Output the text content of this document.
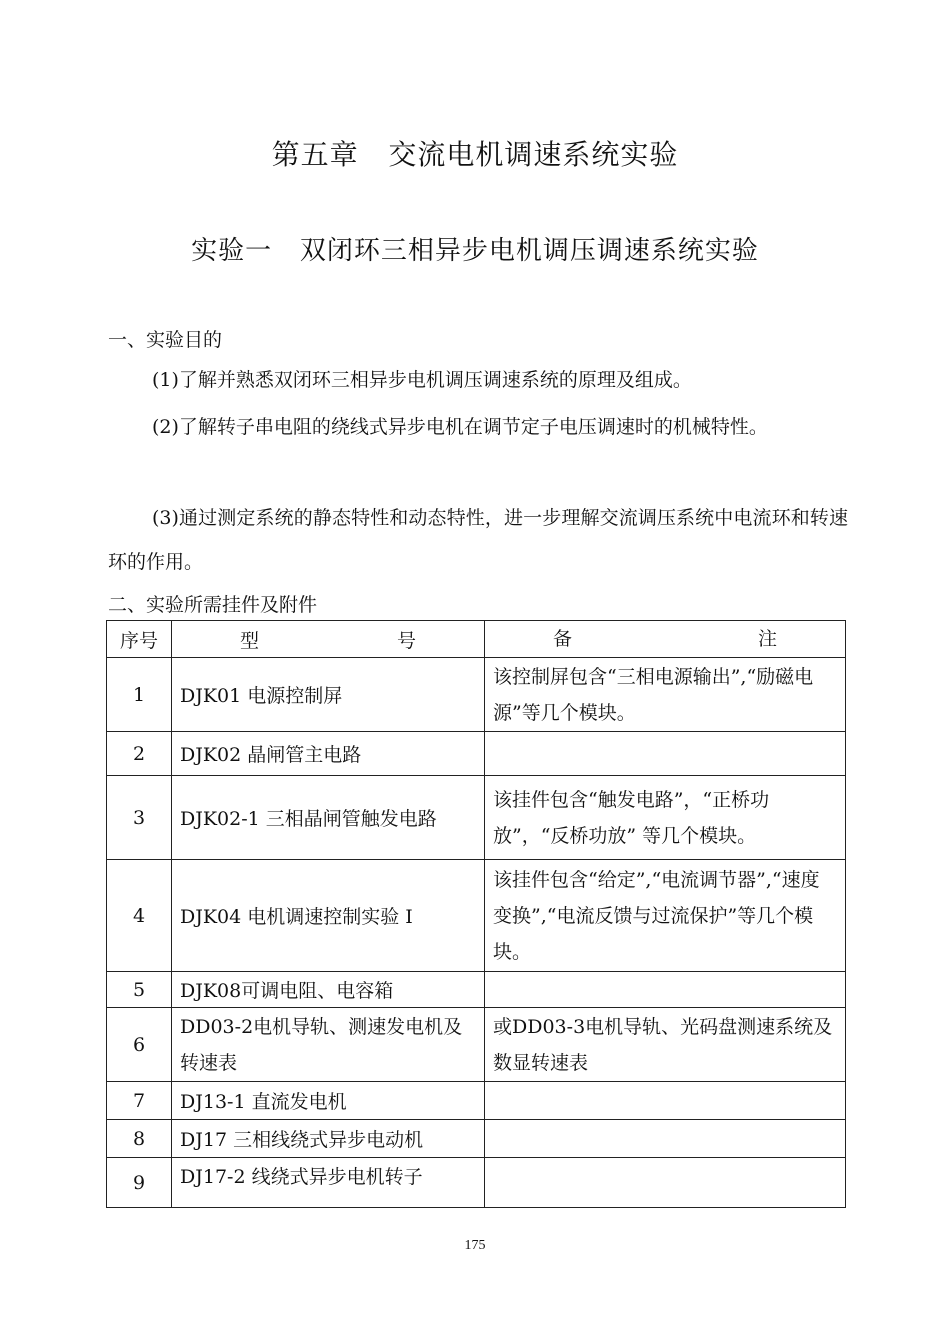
第五章   交流电机调速系统实验
实验一   双闭环三相异步电机调压调速系统实验
一、实验目的
(1)了解并熟悉双闭环三相异步电机调压调速系统的原理及组成。
(2)了解转子串电阻的绕线式异步电机在调节定子电压调速时的机械特性。
(3)通过测定系统的静态特性和动态特性，进一步理解交流调压系统中电流环和转速环的作用。
二、实验所需挂件及附件
序号	型 号	备 注

1	DJK01 电源控制屏	该控制屏包含“三相电源输出”,“励磁电源”等几个模块。
2	DJK02 晶闸管主电路	
3	DJK02-1 三相晶闸管触发电路	该挂件包含“触发电路”，“正桥功放”，“反桥功放” 等几个模块。
4	DJK04 电机调速控制实验 I	该挂件包含“给定”,“电流调节器”,“速度变换”,“电流反馈与过流保护”等几个模块。
5	DJK08可调电阻、电容箱	
6	DD03-2电机导轨、测速发电机及转速表	或DD03-3电机导轨、光码盘测速系统及数显转速表
7	DJ13-1 直流发电机	
8	DJ17 三相线绕式异步电动机	
9	DJ17-2 线绕式异步电机转子	
175
